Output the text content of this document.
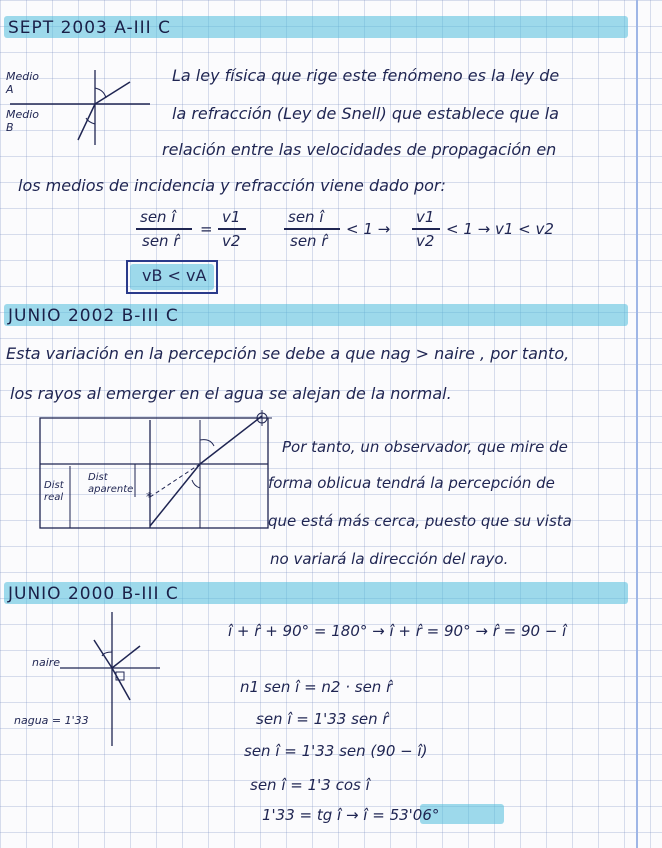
SEPT 2003 A-III C
Medio A
Medio B
La ley física que rige este fenómeno es la ley de
la refracción (Ley de Snell) que establece que la
relación entre las velocidades de propagación en
los medios de incidencia y refracción viene dado por:
sen î
sen r̂
=
v1
v2
sen î
sen r̂
< 1 →
v1
v2
< 1 → v1 < v2
vB < vA
JUNIO 2002 B-III C
Esta variación en la percepción se debe a que nag > naire , por tanto,
los rayos al emerger en el agua se alejan de la normal.
*
Dist real
Dist aparente
Por tanto, un observador, que mire de
forma oblicua tendrá la percepción de
que está más cerca, puesto que su vista
no variará la dirección del rayo.
JUNIO 2000 B-III C
naire
nagua = 1'33
î + r̂ + 90° = 180° → î + r̂ = 90° → r̂ = 90 − î
n1 sen î = n2 · sen r̂
sen î = 1'33 sen r̂
sen î = 1'33 sen (90 − î)
sen î = 1'3 cos î
1'33 = tg î → î = 53'06°
